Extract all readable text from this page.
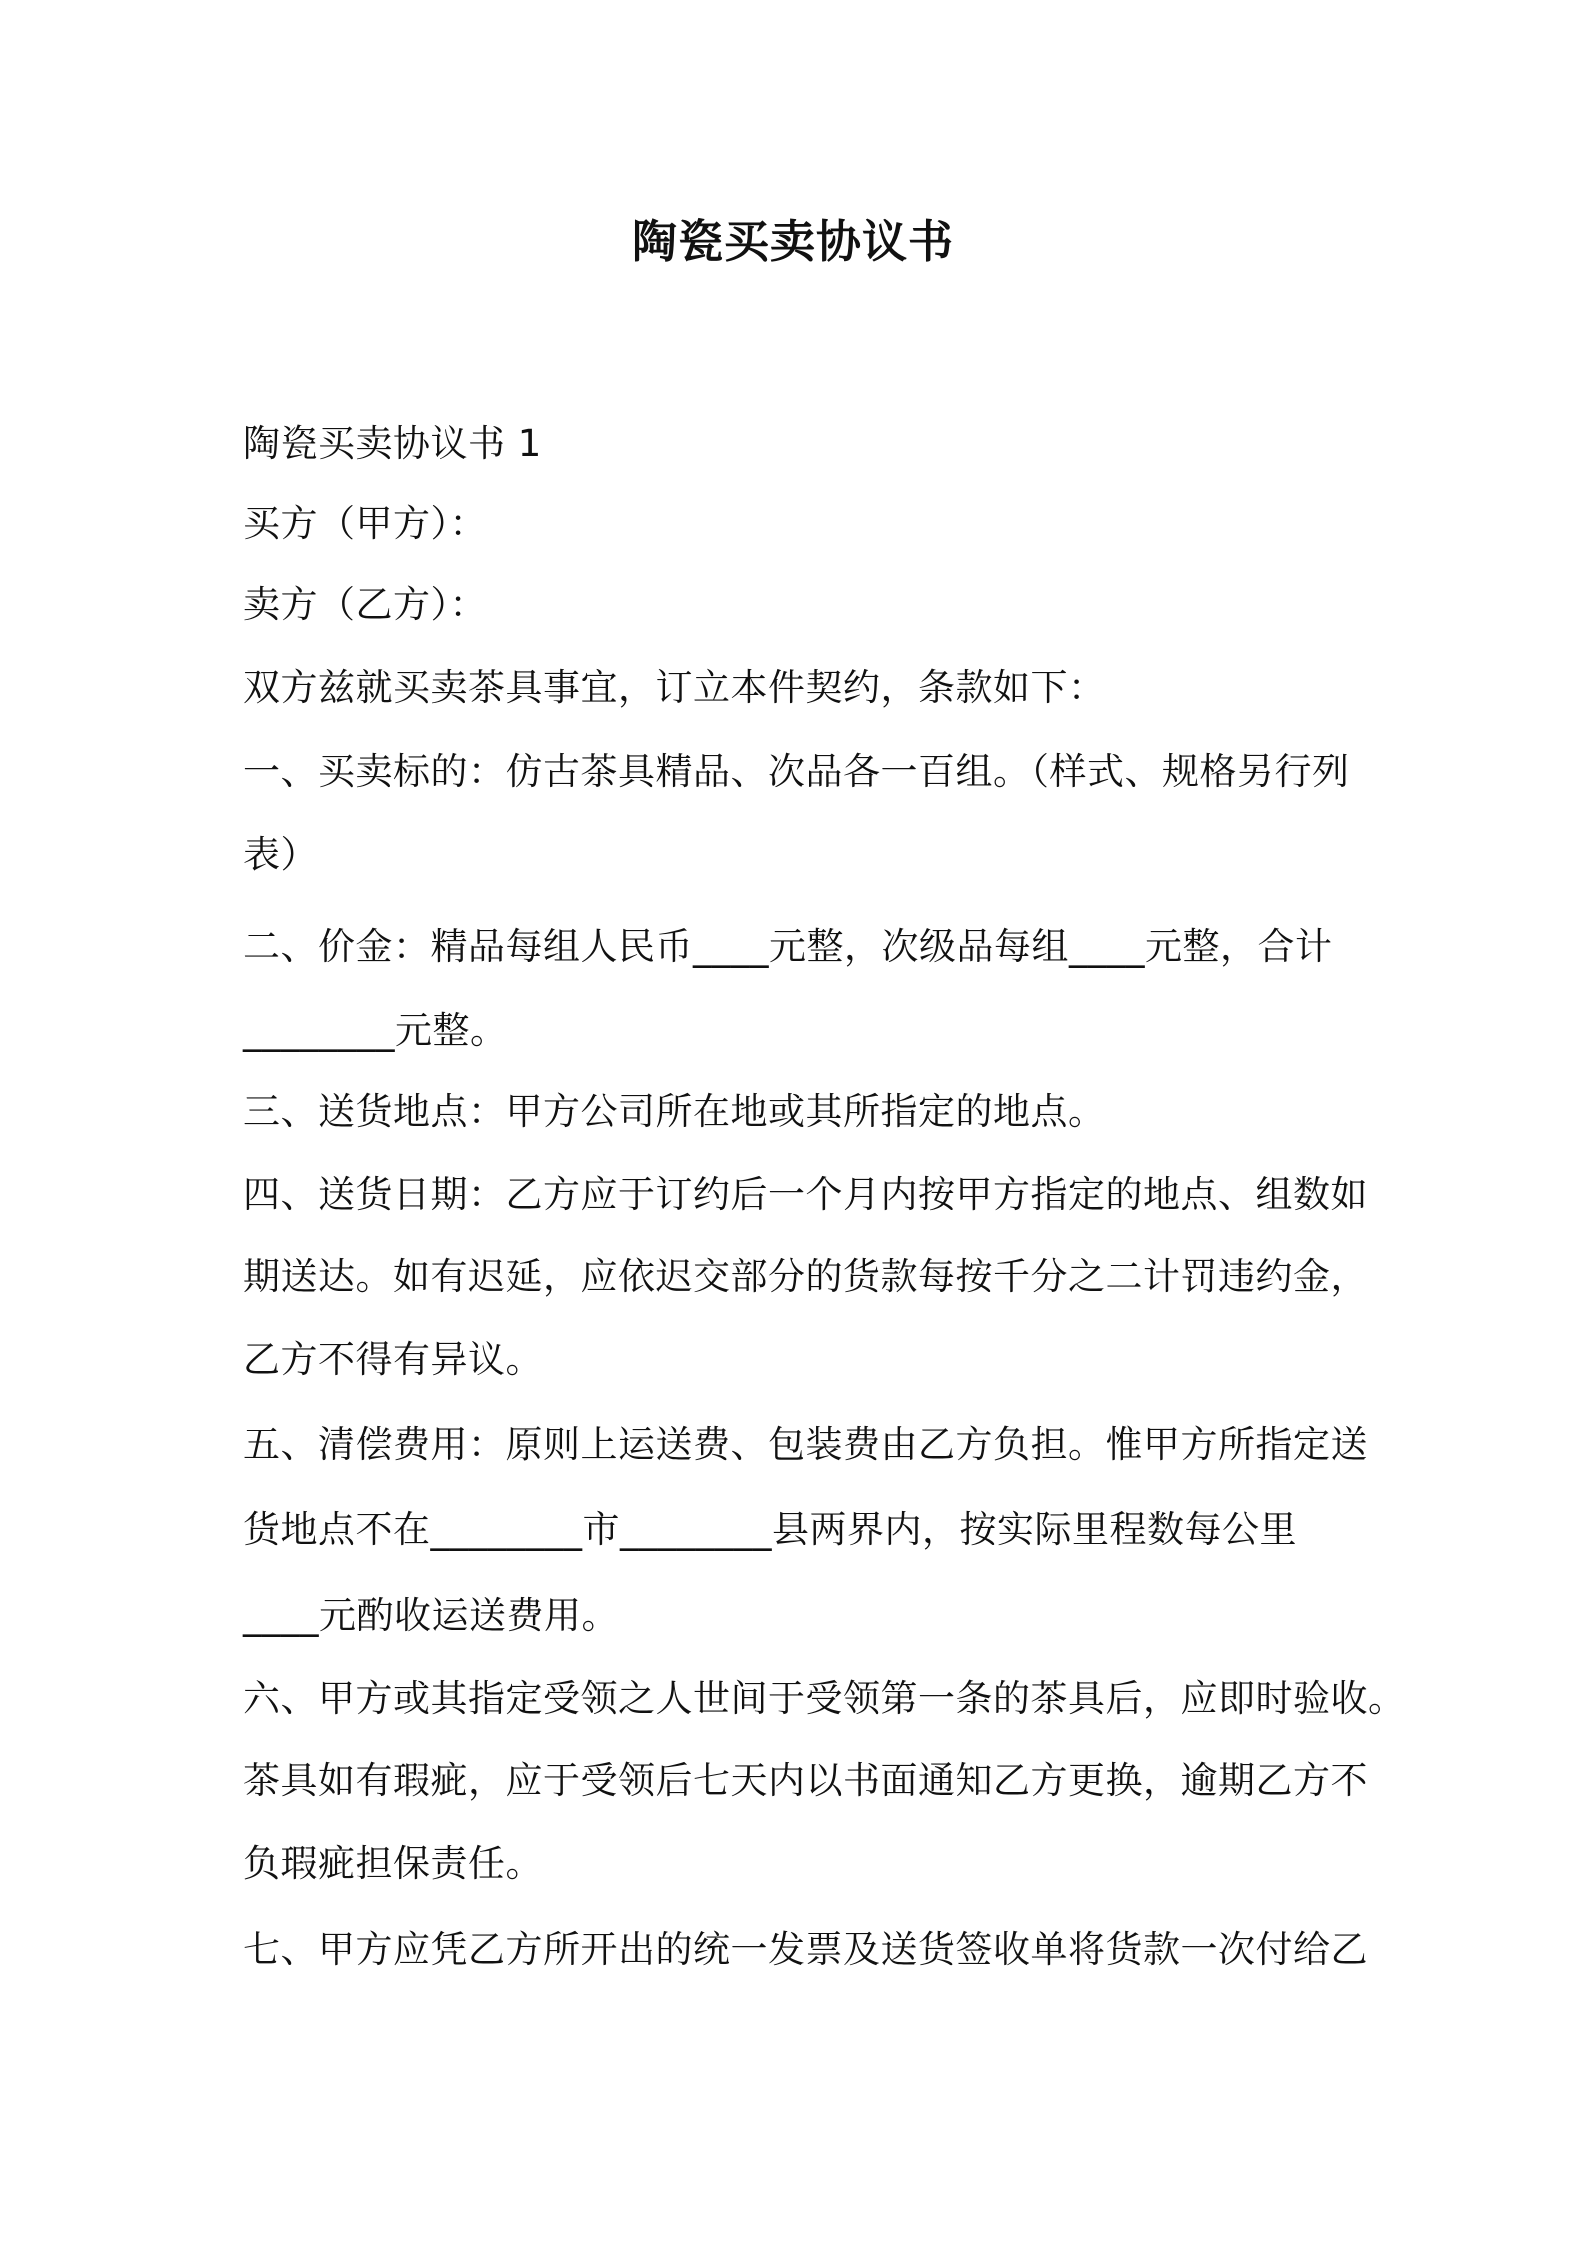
陶瓷买卖协议书
陶瓷买卖协议书 1
买方（甲方）：
卖方（乙方）：
双方兹就买卖茶具事宜，订立本件契约，条款如下：
一、买卖标的：仿古茶具精品、次品各一百组。（样式、规格另行列
表）
二、价金：精品每组人民币____元整，次级品每组____元整，合计
________元整。
三、送货地点：甲方公司所在地或其所指定的地点。
四、送货日期：乙方应于订约后一个月内按甲方指定的地点、组数如
期送达。如有迟延，应依迟交部分的货款每按千分之二计罚违约金，
乙方不得有异议。
五、清偿费用：原则上运送费、包装费由乙方负担。惟甲方所指定送
货地点不在________市________县两界内，按实际里程数每公里
____元酌收运送费用。
六、甲方或其指定受领之人世间于受领第一条的茶具后，应即时验收。
茶具如有瑕疵，应于受领后七天内以书面通知乙方更换，逾期乙方不
负瑕疵担保责任。
七、甲方应凭乙方所开出的统一发票及送货签收单将货款一次付给乙
